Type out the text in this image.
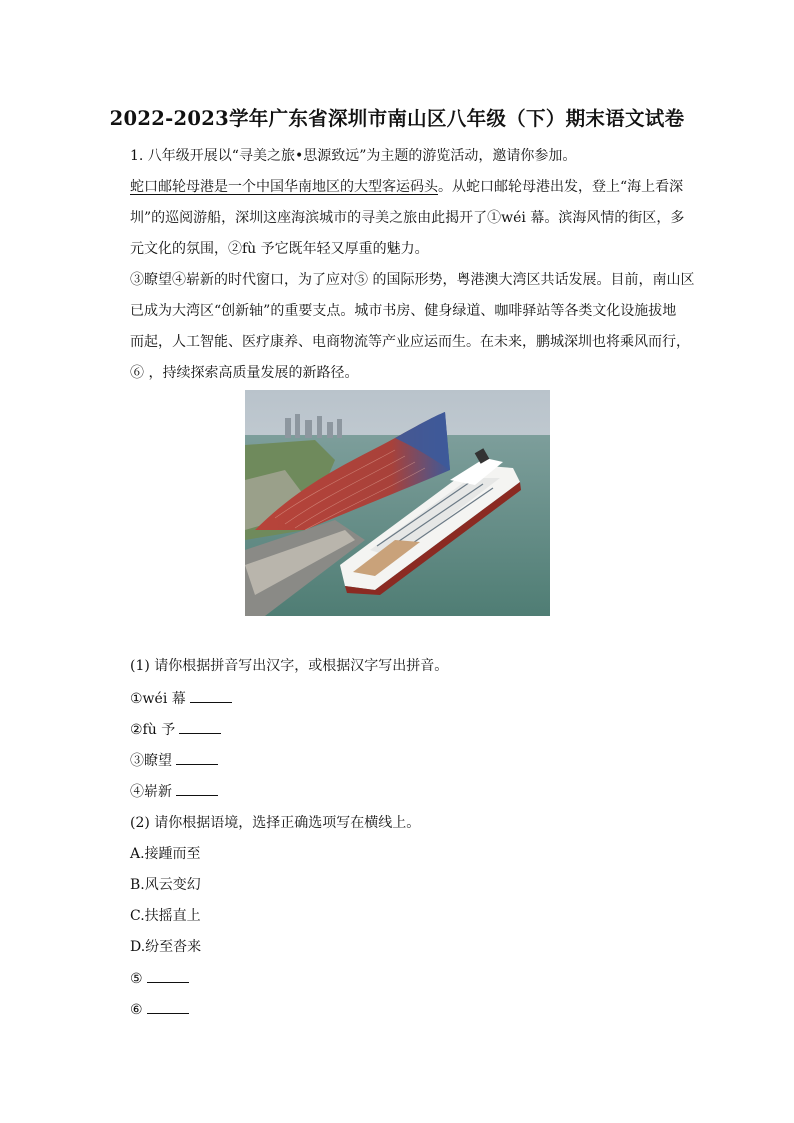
2022-2023学年广东省深圳市南山区八年级（下）期末语文试卷
1. 八年级开展以“寻美之旅•思源致远”为主题的游览活动，邀请你参加。
蛇口邮轮母港是一个中国华南地区的大型客运码头。从蛇口邮轮母港出发，登上“海上看深
圳”的巡阅游船，深圳这座海滨城市的寻美之旅由此揭开了①wéi 幕。滨海风情的街区，多
元文化的氛围，②fù 予它既年轻又厚重的魅力。
③瞭望④崭新的时代窗口，为了应对⑤ 的国际形势，粤港澳大湾区共话发展。目前，南山区
已成为大湾区“创新轴”的重要支点。城市书房、健身绿道、咖啡驿站等各类文化设施拔地
而起，人工智能、医疗康养、电商物流等产业应运而生。在未来，鹏城深圳也将乘风而行，
⑥ ，持续探索高质量发展的新路径。
(1) 请你根据拼音写出汉字，或根据汉字写出拼音。
①wéi 幕
②fù 予
③瞭望
④崭新
(2) 请你根据语境，选择正确选项写在横线上。
A.接踵而至
B.风云变幻
C.扶摇直上
D.纷至沓来
⑤
⑥
